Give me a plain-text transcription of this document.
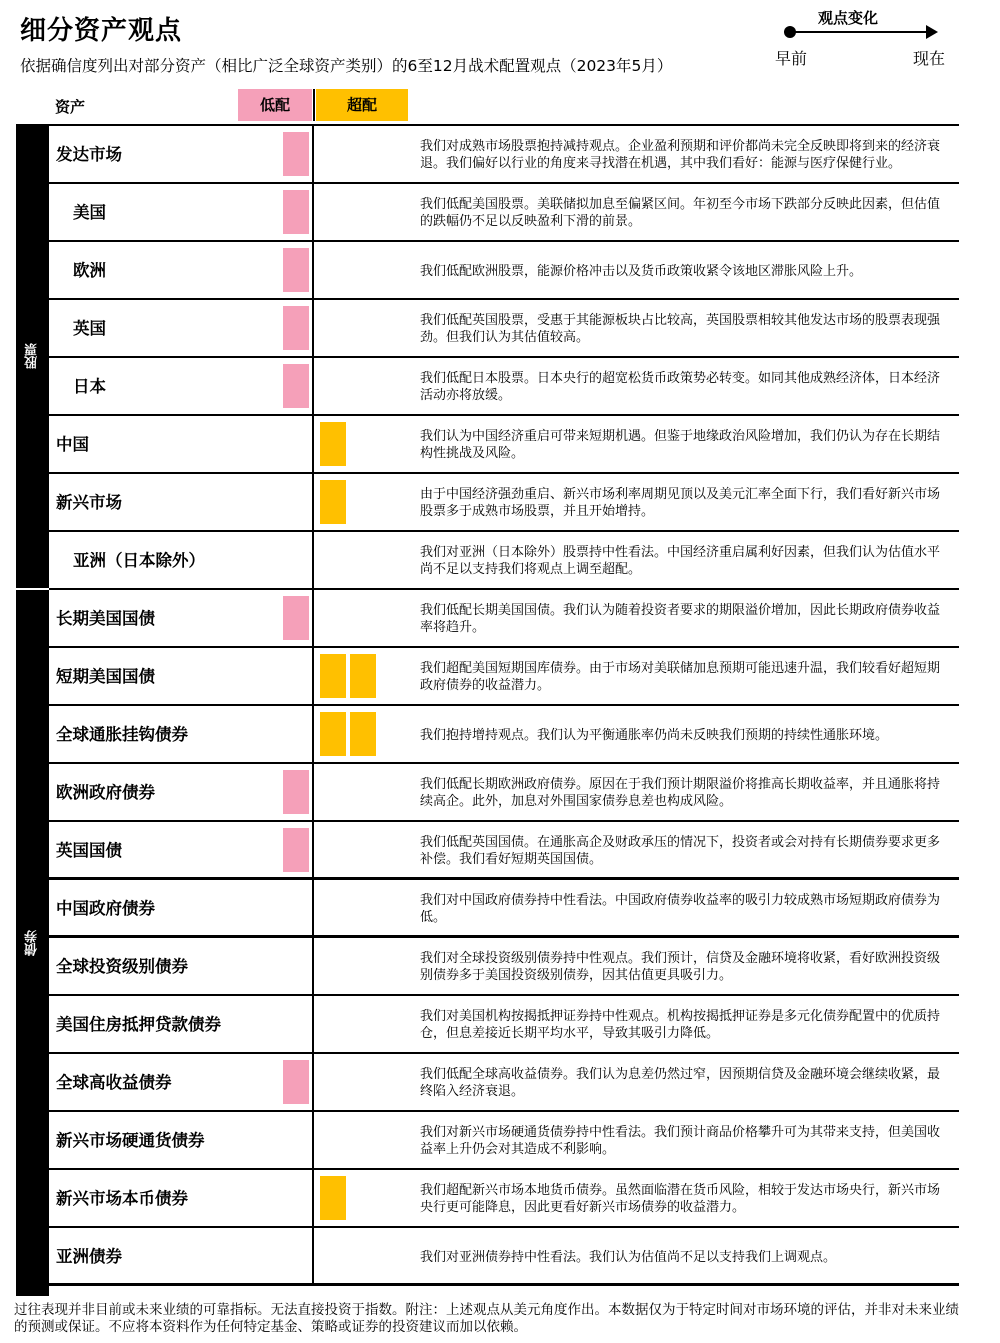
细分资产观点
依据确信度列出对部分资产（相比广泛全球资产类别）的6至12月战术配置观点（2023年5月）
观点变化
早前	现在
资产	低配	超配
股票
债券
发达市场	我们对成熟市场股票抱持减持观点。企业盈利预期和评价都尚未完全反映即将到来的经济衰退。我们偏好以行业的角度来寻找潜在机遇，其中我们看好：能源与医疗保健行业。
美国	我们低配美国股票。美联储拟加息至偏紧区间。年初至今市场下跌部分反映此因素，但估值的跌幅仍不足以反映盈利下滑的前景。
欧洲	我们低配欧洲股票，能源价格冲击以及货币政策收紧令该地区滞胀风险上升。
英国	我们低配英国股票，受惠于其能源板块占比较高，英国股票相较其他发达市场的股票表现强劲。但我们认为其估值较高。
日本	我们低配日本股票。日本央行的超宽松货币政策势必转变。如同其他成熟经济体，日本经济活动亦将放缓。
中国	我们认为中国经济重启可带来短期机遇。但鉴于地缘政治风险增加，我们仍认为存在长期结构性挑战及风险。
新兴市场	由于中国经济强劲重启、新兴市场利率周期见顶以及美元汇率全面下行，我们看好新兴市场股票多于成熟市场股票，并且开始增持。
亚洲（日本除外）	我们对亚洲（日本除外）股票持中性看法。中国经济重启属利好因素，但我们认为估值水平尚不足以支持我们将观点上调至超配。
长期美国国债	我们低配长期美国国债。我们认为随着投资者要求的期限溢价增加，因此长期政府债券收益率将趋升。
短期美国国债	我们超配美国短期国库债券。由于市场对美联储加息预期可能迅速升温，我们较看好超短期政府债券的收益潜力。
全球通胀挂钩债券	我们抱持增持观点。我们认为平衡通胀率仍尚未反映我们预期的持续性通胀环境。
欧洲政府债券	我们低配长期欧洲政府债券。原因在于我们预计期限溢价将推高长期收益率，并且通胀将持续高企。此外，加息对外围国家债券息差也构成风险。
英国国债	我们低配英国国债。在通胀高企及财政承压的情况下，投资者或会对持有长期债券要求更多补偿。我们看好短期英国国债。
中国政府债券	我们对中国政府债券持中性看法。中国政府债券收益率的吸引力较成熟市场短期政府债券为低。
全球投资级别债券	我们对全球投资级别债券持中性观点。我们预计，信贷及金融环境将收紧，看好欧洲投资级别债券多于美国投资级别债券，因其估值更具吸引力。
美国住房抵押贷款债券	我们对美国机构按揭抵押证券持中性观点。机构按揭抵押证券是多元化债券配置中的优质持仓，但息差接近长期平均水平，导致其吸引力降低。
全球高收益债券	我们低配全球高收益债券。我们认为息差仍然过窄，因预期信贷及金融环境会继续收紧，最终陷入经济衰退。
新兴市场硬通货债券	我们对新兴市场硬通货债券持中性看法。我们预计商品价格攀升可为其带来支持，但美国收益率上升仍会对其造成不利影响。
新兴市场本币债券	我们超配新兴市场本地货币债券。虽然面临潜在货币风险，相较于发达市场央行，新兴市场央行更可能降息，因此更看好新兴市场债券的收益潜力。
亚洲债券	我们对亚洲债券持中性看法。我们认为估值尚不足以支持我们上调观点。
过往表现并非目前或未来业绩的可靠指标。无法直接投资于指数。附注：上述观点从美元角度作出。本数据仅为于特定时间对市场环境的评估，并非对未来业绩的预测或保证。不应将本资料作为任何特定基金、策略或证券的投资建议而加以依赖。
